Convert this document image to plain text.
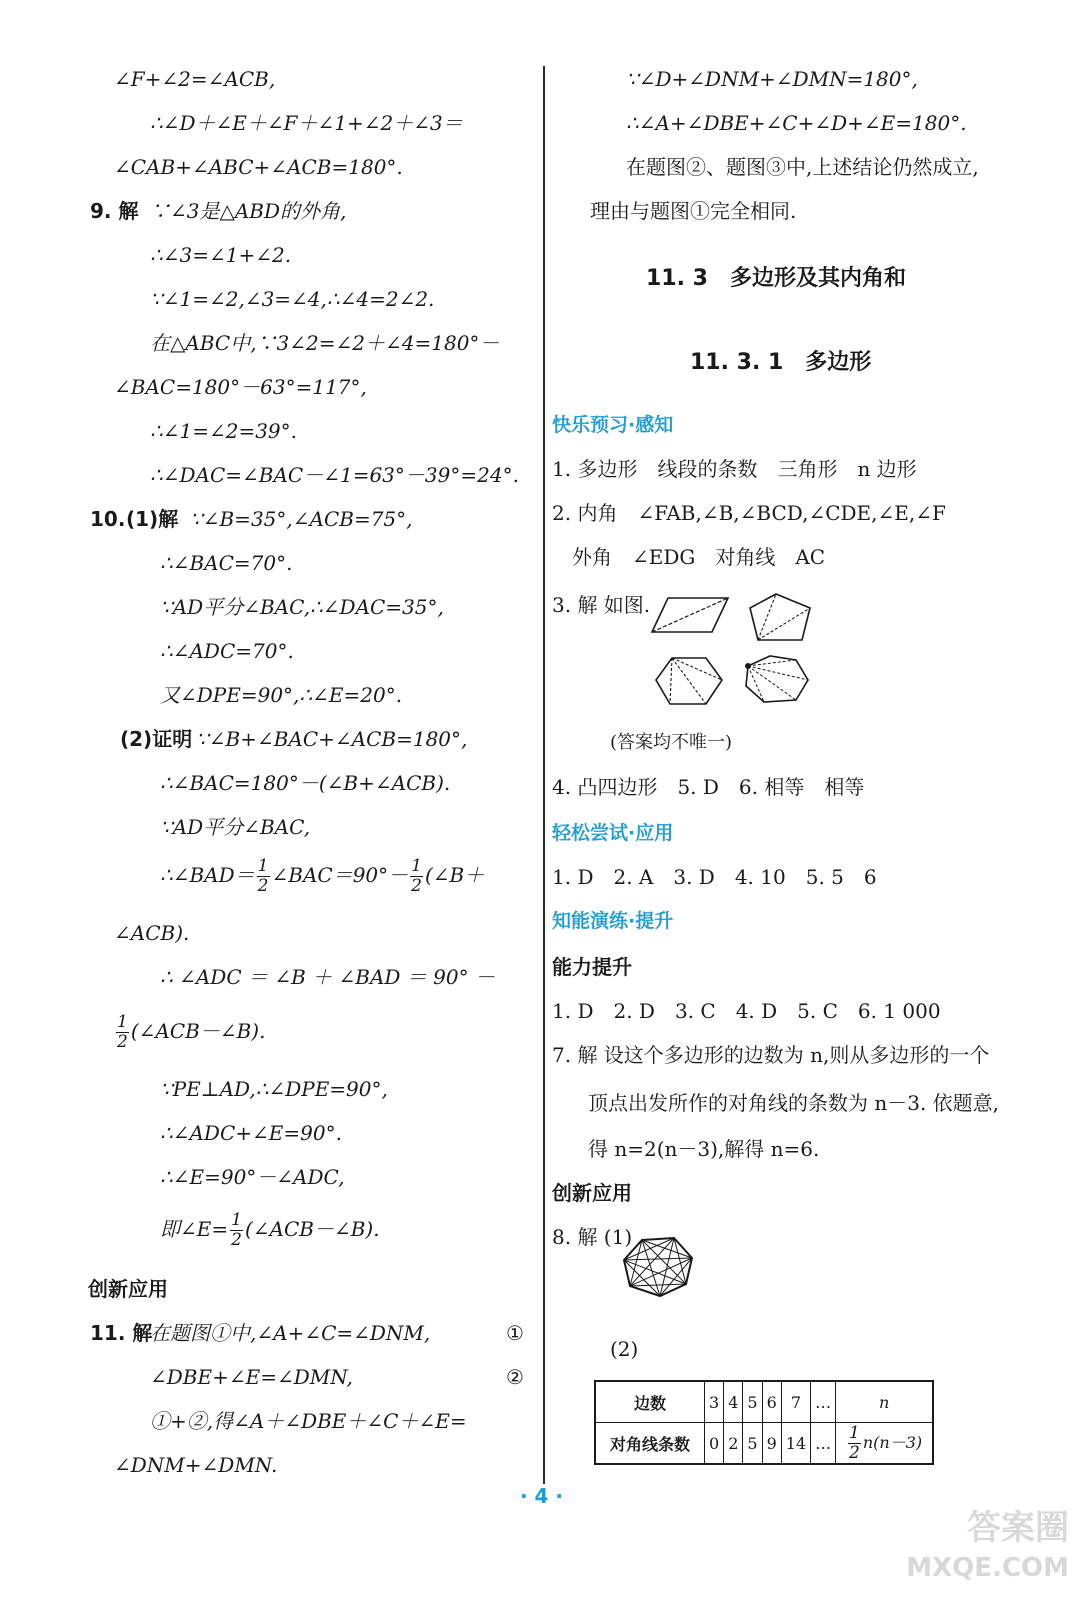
∠F+∠2=∠ACB,
∴∠D＋∠E＋∠F＋∠1+∠2＋∠3＝
∠CAB+∠ABC+∠ACB=180°.
9. 解 ∵∠3是△ABD的外角,
∴∠3=∠1+∠2.
∵∠1=∠2,∠3=∠4,∴∠4=2∠2.
在△ABC中,∵3∠2=∠2＋∠4=180°－
∠BAC=180°－63°=117°,
∴∠1=∠2=39°.
∴∠DAC=∠BAC－∠1=63°－39°=24°.
10. (1)解 ∵∠B=35°,∠ACB=75°,
∴∠BAC=70°.
∵AD平分∠BAC,∴∠DAC=35°,
∴∠ADC=70°.
又∠DPE=90°,∴∠E=20°.
(2)证明 ∵∠B+∠BAC+∠ACB=180°,
∴∠BAC=180°－(∠B+∠ACB).
∵AD平分∠BAC,
∴∠BAD＝ $\frac{1}{2}$ ∠BAC＝90°－ $\frac{1}{2}$ (∠B＋
∠ACB).
∴ ∠ADC ＝ ∠B ＋ ∠BAD ＝ 90° －
$\frac{1}{2}$ (∠ACB－∠B).
∵PE⊥AD,∴∠DPE=90°,
∴∠ADC+∠E=90°.
∴∠E=90°－∠ADC,
即∠E= $\frac{1}{2}$ (∠ACB－∠B).
创新应用
11. 解
在题图①中,∠A+∠C=∠DNM,	①
∠DBE+∠E=∠DMN,	②
①+②,得∠A＋∠DBE＋∠C＋∠E=
∠DNM+∠DMN.
∵∠D+∠DNM+∠DMN=180°,
∴∠A+∠DBE+∠C+∠D+∠E=180°.
在题图②、题图③中,上述结论仍然成立,
理由与题图①完全相同.
11. 3　多边形及其内角和
11. 3. 1　多边形
快乐预习·感知
1. 多边形　线段的条数　三角形　n 边形
2. 内角　∠FAB,∠B,∠BCD,∠CDE,∠E,∠F
外角　∠EDG　对角线　AC
3. 解 如图.
(答案均不唯一)
4. 凸四边形　5. D　6. 相等　相等
轻松尝试·应用
1. D　2. A　3. D　4. 10　5. 5　6
知能演练·提升
能力提升
1. D　2. D　3. C　4. D　5. C　6. 1 000
7. 解 设这个多边形的边数为 n,则从多边形的一个
顶点出发所作的对角线的条数为 n－3. 依题意,
得 n=2(n－3),解得 n=6.
创新应用
8. 解 (1)
(2)
边数	3	4	5	6	7	…	n
对角线条数	0	2	5	9	14	…	$\frac{1}{2} n(n-3)$
· 4 ·
答案圈
MXQE.COM
